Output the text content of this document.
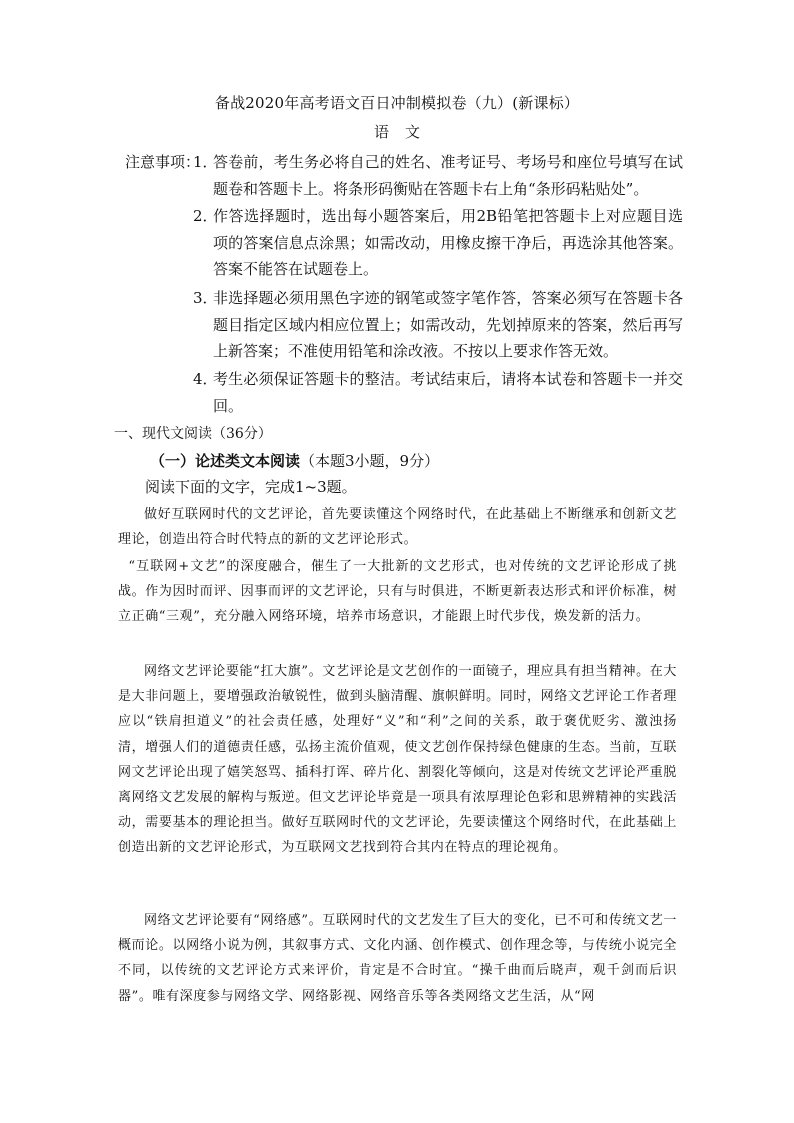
备战2020年高考语文百日冲制模拟卷（九）(新课标）
语 文
注意事项：
1．
答卷前，考生务必将自己的姓名、准考证号、考场号和座位号填写在试题卷和答题卡上。将条形码衡贴在答题卡右上角“条形码粘贴处”。
2．
作答选择题时，选出每小题答案后，用2B铅笔把答题卡上对应题目选项的答案信息点涂黑；如需改动，用橡皮擦干净后，再选涂其他答案。答案不能答在试题卷上。
3．
非选择题必须用黑色字迹的钢笔或签字笔作答，答案必须写在答题卡各题目指定区域内相应位置上；如需改动，先划掉原来的答案，然后再写上新答案；不准使用铅笔和涂改液。不按以上要求作答无效。
4．
考生必须保证答题卡的整洁。考试结束后，请将本试卷和答题卡一并交回。
一、现代文阅读（36分）
（一）论述类文本阅读（本题3小题，9分）
阅读下面的文字，完成1~3题。
做好互联网时代的文艺评论，首先要读懂这个网络时代，在此基础上不断继承和创新文艺理论，创造出符合时代特点的新的文艺评论形式。
“互联网+文艺”的深度融合，催生了一大批新的文艺形式，也对传统的文艺评论形成了挑战。作为因时而评、因事而评的文艺评论，只有与时俱进，不断更新表达形式和评价标准，树立正确“三观”，充分融入网络环境，培养市场意识，才能跟上时代步伐，焕发新的活力。
网络文艺评论要能“扛大旗”。文艺评论是文艺创作的一面镜子，理应具有担当精神。在大是大非问题上，要增强政治敏锐性，做到头脑清醒、旗帜鲜明。同时，网络文艺评论工作者理应以“铁肩担道义”的社会责任感，处理好“义”和“利”之间的关系，敢于褒优贬劣、激浊扬清，增强人们的道德责任感，弘扬主流价值观，使文艺创作保持绿色健康的生态。当前，互联网文艺评论出现了嬉笑怒骂、插科打诨、碎片化、割裂化等倾向，这是对传统文艺评论严重脱离网络文艺发展的解构与叛逆。但文艺评论毕竟是一项具有浓厚理论色彩和思辨精神的实践活动，需要基本的理论担当。做好互联网时代的文艺评论，先要读懂这个网络时代，在此基础上创造出新的文艺评论形式，为互联网文艺找到符合其内在特点的理论视角。
网络文艺评论要有“网络感”。互联网时代的文艺发生了巨大的变化，已不可和传统文艺一概而论。以网络小说为例，其叙事方式、文化内涵、创作模式、创作理念等，与传统小说完全不同，以传统的文艺评论方式来评价，肯定是不合时宜。“操千曲而后晓声，观千剑而后识器”。唯有深度参与网络文学、网络影视、网络音乐等各类网络文艺生活，从“网
